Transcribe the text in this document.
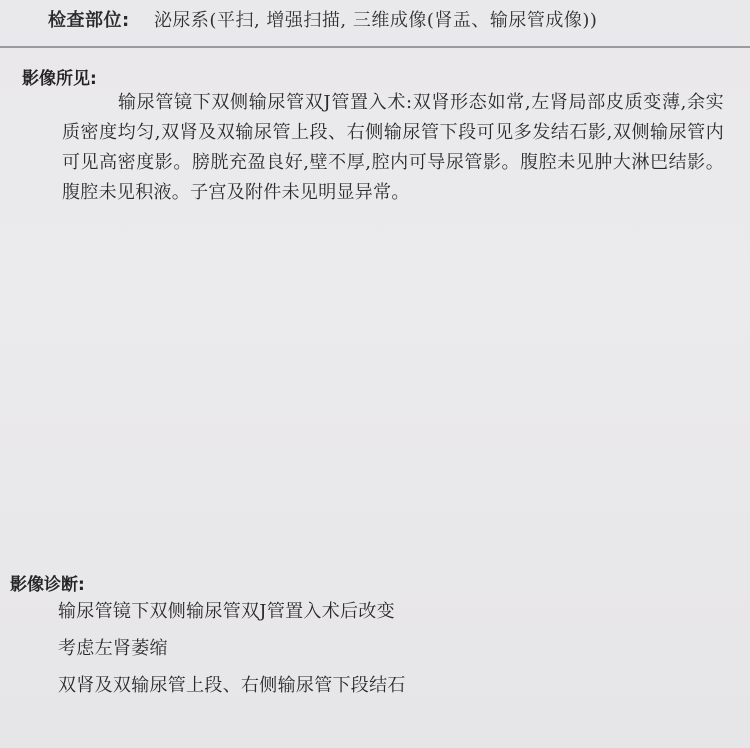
检查部位: 泌尿系(平扫, 增强扫描, 三维成像(肾盂、输尿管成像))
影像所见:
输尿管镜下双侧输尿管双J管置入术:双肾形态如常,左肾局部皮质变薄,余实质密度均匀,双肾及双输尿管上段、右侧输尿管下段可见多发结石影,双侧输尿管内可见高密度影。膀胱充盈良好,壁不厚,腔内可导尿管影。腹腔未见肿大淋巴结影。腹腔未见积液。子宫及附件未见明显异常。
影像诊断:
输尿管镜下双侧输尿管双J管置入术后改变
考虑左肾萎缩
双肾及双输尿管上段、右侧输尿管下段结石
